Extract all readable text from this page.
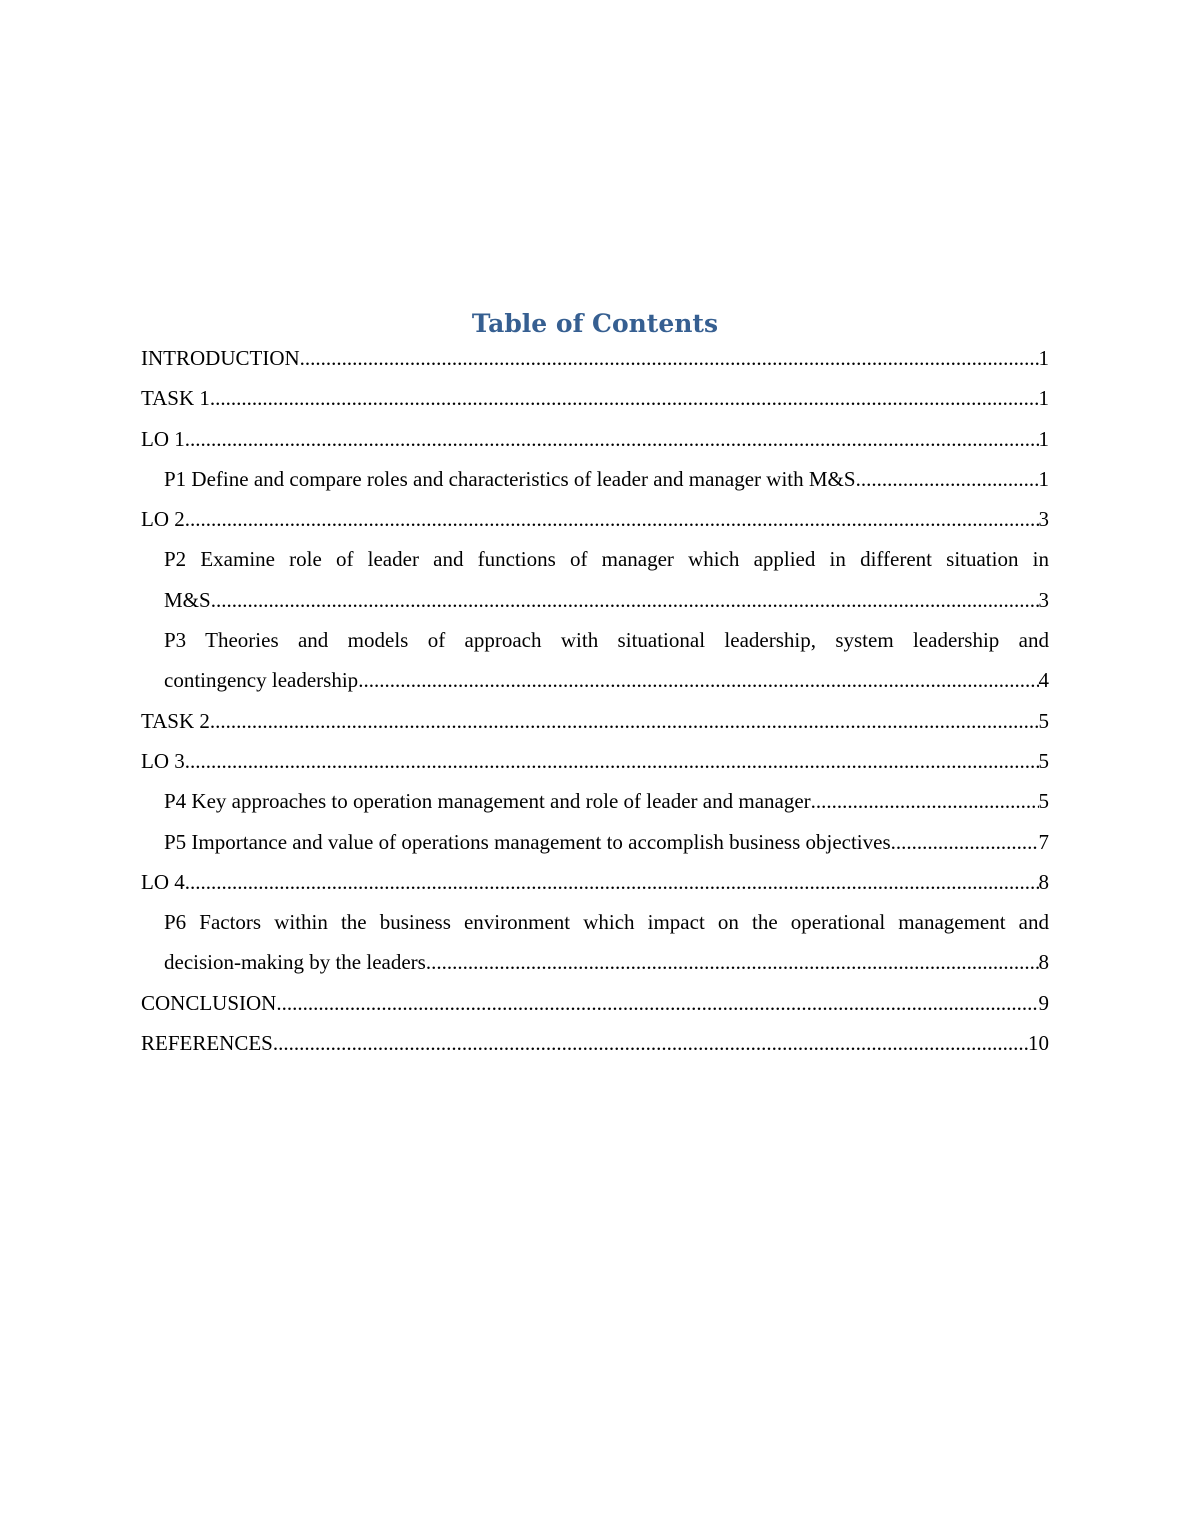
Table of Contents
INTRODUCTION .....	1
TASK 1 .....	1
LO 1 .....	1
P1 Define and compare roles and characteristics of leader and manager with M&S .....	1
LO 2 .....	3
P2 Examine role of leader and functions of manager which applied in different situation in
M&S .....	3
P3 Theories and models of approach with situational leadership, system leadership and
contingency leadership .....	4
TASK 2 .....	5
LO 3 .....	5
P4 Key approaches to operation management and role of leader and manager .....	5
P5 Importance and value of operations management to accomplish business objectives .....	7
LO 4 .....	8
P6 Factors within the business environment which impact on the operational management and
decision-making by the leaders .....	8
CONCLUSION .....	9
REFERENCES .....	10
